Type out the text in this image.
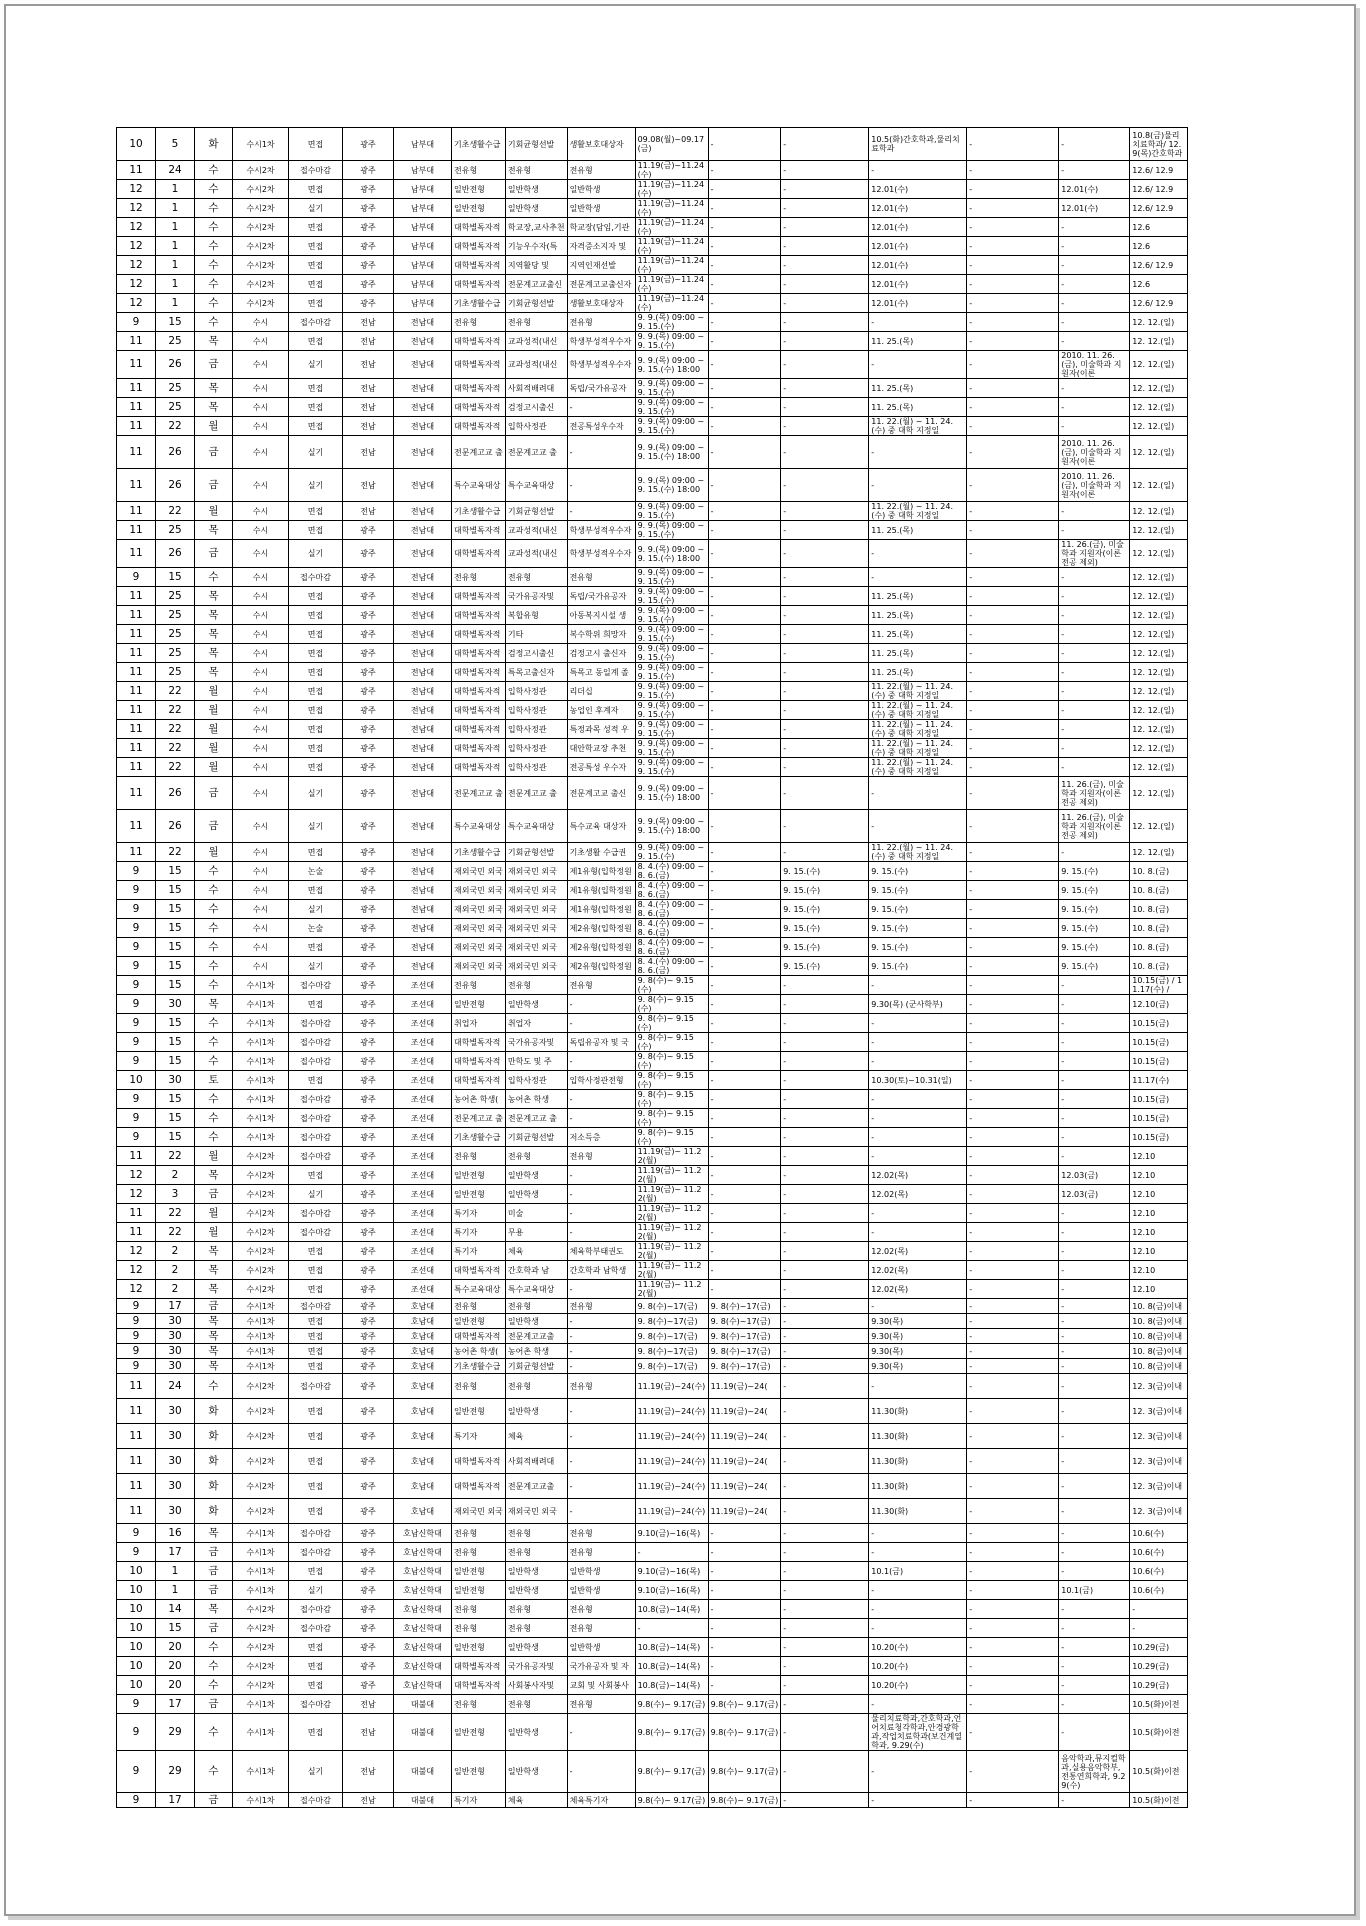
10	5	화	수시1차	면접	광주	남부대	기초생활수급	기회균형선발	생활보호대상자	09.08(월)~09.17(금)	-	-	10.5(화)간호학과,물리치료학과	-	-	10.8(금)물리치료학과/ 12.9(목)간호학과
11	24	수	수시2차	접수마감	광주	남부대	전유형	전유형	전유형	11.19(금)~11.24(수)	-	-	-	-	-	12.6/ 12.9
12	1	수	수시2차	면접	광주	남부대	일반전형	일반학생	일반학생	11.19(금)~11.24(수)	-	-	12.01(수)	-	12.01(수)	12.6/ 12.9
12	1	수	수시2차	실기	광주	남부대	일반전형	일반학생	일반학생	11.19(금)~11.24(수)	-	-	12.01(수)	-	12.01(수)	12.6/ 12.9
12	1	수	수시2차	면접	광주	남부대	대학별독자적	학교장,교사추천	학교장(담임,기관	11.19(금)~11.24(수)	-	-	12.01(수)	-	-	12.6
12	1	수	수시2차	면접	광주	남부대	대학별독자적	기능우수자(특	자격증소지자 및	11.19(금)~11.24(수)	-	-	12.01(수)	-	-	12.6
12	1	수	수시2차	면접	광주	남부대	대학별독자적	지역활당 및	지역인재선발	11.19(금)~11.24(수)	-	-	12.01(수)	-	-	12.6/ 12.9
12	1	수	수시2차	면접	광주	남부대	대학별독자적	전문계고교출신	전문계고교출신자	11.19(금)~11.24(수)	-	-	12.01(수)	-	-	12.6
12	1	수	수시2차	면접	광주	남부대	기초생활수급	기회균형선발	생활보호대상자	11.19(금)~11.24(수)	-	-	12.01(수)	-	-	12.6/ 12.9
9	15	수	수시	접수마감	전남	전남대	전유형	전유형	전유형	9. 9.(목) 09:00 ~ 9. 15.(수)	-	-	-	-	-	12. 12.(일)
11	25	목	수시	면접	전남	전남대	대학별독자적	교과성적(내신	학생부성적우수자	9. 9.(목) 09:00 ~ 9. 15.(수)	-	-	11. 25.(목)	-	-	12. 12.(일)
11	26	금	수시	실기	전남	전남대	대학별독자적	교과성적(내신	학생부성적우수자	9. 9.(목) 09:00 ~ 9. 15.(수) 18:00	-	-	-	-	2010. 11. 26.(금), 미술학과 지원자(이론	12. 12.(일)
11	25	목	수시	면접	전남	전남대	대학별독자적	사회적배려대	독립/국가유공자	9. 9.(목) 09:00 ~ 9. 15.(수)	-	-	11. 25.(목)	-	-	12. 12.(일)
11	25	목	수시	면접	전남	전남대	대학별독자적	검정고시출신	-	9. 9.(목) 09:00 ~ 9. 15.(수)	-	-	11. 25.(목)	-	-	12. 12.(일)
11	22	월	수시	면접	전남	전남대	대학별독자적	입학사정관	전공특성우수자	9. 9.(목) 09:00 ~ 9. 15.(수)	-	-	11. 22.(월) ~ 11. 24.(수) 중 대학 지정일	-	-	12. 12.(일)
11	26	금	수시	실기	전남	전남대	전문계고교 출	전문계고교 출	-	9. 9.(목) 09:00 ~ 9. 15.(수) 18:00	-	-	-	-	2010. 11. 26.(금), 미술학과 지원자(이론	12. 12.(일)
11	26	금	수시	실기	전남	전남대	특수교육대상	특수교육대상	-	9. 9.(목) 09:00 ~ 9. 15.(수) 18:00	-	-	-	-	2010. 11. 26.(금), 미술학과 지원자(이론	12. 12.(일)
11	22	월	수시	면접	전남	전남대	기초생활수급	기회균형선발	-	9. 9.(목) 09:00 ~ 9. 15.(수)	-	-	11. 22.(월) ~ 11. 24.(수) 중 대학 지정일	-	-	12. 12.(일)
11	25	목	수시	면접	광주	전남대	대학별독자적	교과성적(내신	학생부성적우수자	9. 9.(목) 09:00 ~ 9. 15.(수)	-	-	11. 25.(목)	-	-	12. 12.(일)
11	26	금	수시	실기	광주	전남대	대학별독자적	교과성적(내신	학생부성적우수자	9. 9.(목) 09:00 ~ 9. 15.(수) 18:00	-	-	-	-	11. 26.(금), 미술학과 지원자(이론전공 제외)	12. 12.(일)
9	15	수	수시	접수마감	광주	전남대	전유형	전유형	전유형	9. 9.(목) 09:00 ~ 9. 15.(수)	-	-	-	-	-	12. 12.(일)
11	25	목	수시	면접	광주	전남대	대학별독자적	국가유공자및	독립/국가유공자	9. 9.(목) 09:00 ~ 9. 15.(수)	-	-	11. 25.(목)	-	-	12. 12.(일)
11	25	목	수시	면접	광주	전남대	대학별독자적	복합유형	아동복지시설 생	9. 9.(목) 09:00 ~ 9. 15.(수)	-	-	11. 25.(목)	-	-	12. 12.(일)
11	25	목	수시	면접	광주	전남대	대학별독자적	기타	복수학위 희망자	9. 9.(목) 09:00 ~ 9. 15.(수)	-	-	11. 25.(목)	-	-	12. 12.(일)
11	25	목	수시	면접	광주	전남대	대학별독자적	검정고시출신	검정고시 출신자	9. 9.(목) 09:00 ~ 9. 15.(수)	-	-	11. 25.(목)	-	-	12. 12.(일)
11	25	목	수시	면접	광주	전남대	대학별독자적	특목고출신자	특목고 동일계 졸	9. 9.(목) 09:00 ~ 9. 15.(수)	-	-	11. 25.(목)	-	-	12. 12.(일)
11	22	월	수시	면접	광주	전남대	대학별독자적	입학사정관	리더십	9. 9.(목) 09:00 ~ 9. 15.(수)	-	-	11. 22.(월) ~ 11. 24.(수) 중 대학 지정일	-	-	12. 12.(일)
11	22	월	수시	면접	광주	전남대	대학별독자적	입학사정관	농업인 후계자	9. 9.(목) 09:00 ~ 9. 15.(수)	-	-	11. 22.(월) ~ 11. 24.(수) 중 대학 지정일	-	-	12. 12.(일)
11	22	월	수시	면접	광주	전남대	대학별독자적	입학사정관	특정과목 성적 우	9. 9.(목) 09:00 ~ 9. 15.(수)	-	-	11. 22.(월) ~ 11. 24.(수) 중 대학 지정일	-	-	12. 12.(일)
11	22	월	수시	면접	광주	전남대	대학별독자적	입학사정관	대안학교장 추천	9. 9.(목) 09:00 ~ 9. 15.(수)	-	-	11. 22.(월) ~ 11. 24.(수) 중 대학 지정일	-	-	12. 12.(일)
11	22	월	수시	면접	광주	전남대	대학별독자적	입학사정관	전공특성 우수자	9. 9.(목) 09:00 ~ 9. 15.(수)	-	-	11. 22.(월) ~ 11. 24.(수) 중 대학 지정일	-	-	12. 12.(일)
11	26	금	수시	실기	광주	전남대	전문계고교 출	전문계고교 출	전문계고교 출신	9. 9.(목) 09:00 ~ 9. 15.(수) 18:00	-	-	-	-	11. 26.(금), 미술학과 지원자(이론전공 제외)	12. 12.(일)
11	26	금	수시	실기	광주	전남대	특수교육대상	특수교육대상	특수교육 대상자	9. 9.(목) 09:00 ~ 9. 15.(수) 18:00	-	-	-	-	11. 26.(금), 미술학과 지원자(이론전공 제외)	12. 12.(일)
11	22	월	수시	면접	광주	전남대	기초생활수급	기회균형선발	기초생활 수급권	9. 9.(목) 09:00 ~ 9. 15.(수)	-	-	11. 22.(월) ~ 11. 24.(수) 중 대학 지정일	-	-	12. 12.(일)
9	15	수	수시	논술	광주	전남대	재외국민 외국	재외국민 외국	제1유형(입학정원	8. 4.(수) 09:00 ~ 8. 6.(금)	-	9. 15.(수)	9. 15.(수)	-	9. 15.(수)	10. 8.(금)
9	15	수	수시	면접	광주	전남대	재외국민 외국	재외국민 외국	제1유형(입학정원	8. 4.(수) 09:00 ~ 8. 6.(금)	-	9. 15.(수)	9. 15.(수)	-	9. 15.(수)	10. 8.(금)
9	15	수	수시	실기	광주	전남대	재외국민 외국	재외국민 외국	제1유형(입학정원	8. 4.(수) 09:00 ~ 8. 6.(금)	-	9. 15.(수)	9. 15.(수)	-	9. 15.(수)	10. 8.(금)
9	15	수	수시	논술	광주	전남대	재외국민 외국	재외국민 외국	제2유형(입학정원	8. 4.(수) 09:00 ~ 8. 6.(금)	-	9. 15.(수)	9. 15.(수)	-	9. 15.(수)	10. 8.(금)
9	15	수	수시	면접	광주	전남대	재외국민 외국	재외국민 외국	제2유형(입학정원	8. 4.(수) 09:00 ~ 8. 6.(금)	-	9. 15.(수)	9. 15.(수)	-	9. 15.(수)	10. 8.(금)
9	15	수	수시	실기	광주	전남대	재외국민 외국	재외국민 외국	제2유형(입학정원	8. 4.(수) 09:00 ~ 8. 6.(금)	-	9. 15.(수)	9. 15.(수)	-	9. 15.(수)	10. 8.(금)
9	15	수	수시1차	접수마감	광주	조선대	전유형	전유형	전유형	9. 8(수)~ 9.15(수)	-	-	-	-	-	10.15(금) / 11.17(수) /
9	30	목	수시1차	면접	광주	조선대	일반전형	일반학생	-	9. 8(수)~ 9.15(수)	-	-	9.30(목) (군사학부)	-	-	12.10(금)
9	15	수	수시1차	접수마감	광주	조선대	취업자	취업자	-	9. 8(수)~ 9.15(수)	-	-	-	-	-	10.15(금)
9	15	수	수시1차	접수마감	광주	조선대	대학별독자적	국가유공자및	독립유공자 및 국	9. 8(수)~ 9.15(수)	-	-	-	-	-	10.15(금)
9	15	수	수시1차	접수마감	광주	조선대	대학별독자적	만학도 및 주	-	9. 8(수)~ 9.15(수)	-	-	-	-	-	10.15(금)
10	30	토	수시1차	면접	광주	조선대	대학별독자적	입학사정관	입학사정관전형	9. 8(수)~ 9.15(수)	-	-	10.30(토)~10.31(일)	-	-	11.17(수)
9	15	수	수시1차	접수마감	광주	조선대	농어촌 학생(	농어촌 학생	-	9. 8(수)~ 9.15(수)	-	-	-	-	-	10.15(금)
9	15	수	수시1차	접수마감	광주	조선대	전문계고교 출	전문계고교 출	-	9. 8(수)~ 9.15(수)	-	-	-	-	-	10.15(금)
9	15	수	수시1차	접수마감	광주	조선대	기초생활수급	기회균형선발	저소득층	9. 8(수)~ 9.15(수)	-	-	-	-	-	10.15(금)
11	22	월	수시2차	접수마감	광주	조선대	전유형	전유형	전유형	11.19(금)~ 11.22(월)	-	-	-	-	-	12.10
12	2	목	수시2차	면접	광주	조선대	일반전형	일반학생	-	11.19(금)~ 11.22(월)	-	-	12.02(목)	-	12.03(금)	12.10
12	3	금	수시2차	실기	광주	조선대	일반전형	일반학생	-	11.19(금)~ 11.22(월)	-	-	12.02(목)	-	12.03(금)	12.10
11	22	월	수시2차	접수마감	광주	조선대	특기자	미술	-	11.19(금)~ 11.22(월)	-	-	-	-	-	12.10
11	22	월	수시2차	접수마감	광주	조선대	특기자	무용	-	11.19(금)~ 11.22(월)	-	-	-	-	-	12.10
12	2	목	수시2차	면접	광주	조선대	특기자	체육	체육학부태권도	11.19(금)~ 11.22(월)	-	-	12.02(목)	-	-	12.10
12	2	목	수시2차	면접	광주	조선대	대학별독자적	간호학과 남	간호학과 남학생	11.19(금)~ 11.22(월)	-	-	12.02(목)	-	-	12.10
12	2	목	수시2차	면접	광주	조선대	특수교육대상	특수교육대상	-	11.19(금)~ 11.22(월)	-	-	12.02(목)	-	-	12.10
9	17	금	수시1차	접수마감	광주	호남대	전유형	전유형	전유형	9. 8(수)~17(금)	9. 8(수)~17(금)	-	-	-	-	10. 8(금)이내
9	30	목	수시1차	면접	광주	호남대	일반전형	일반학생	-	9. 8(수)~17(금)	9. 8(수)~17(금)	-	9.30(목)	-	-	10. 8(금)이내
9	30	목	수시1차	면접	광주	호남대	대학별독자적	전문계고교출	-	9. 8(수)~17(금)	9. 8(수)~17(금)	-	9.30(목)	-	-	10. 8(금)이내
9	30	목	수시1차	면접	광주	호남대	농어촌 학생(	농어촌 학생	-	9. 8(수)~17(금)	9. 8(수)~17(금)	-	9.30(목)	-	-	10. 8(금)이내
9	30	목	수시1차	면접	광주	호남대	기초생활수급	기회균형선발	-	9. 8(수)~17(금)	9. 8(수)~17(금)	-	9.30(목)	-	-	10. 8(금)이내
11	24	수	수시2차	접수마감	광주	호남대	전유형	전유형	전유형	11.19(금)~24(수)	11.19(금)~24(	-	-	-	-	12. 3(금)이내
11	30	화	수시2차	면접	광주	호남대	일반전형	일반학생	-	11.19(금)~24(수)	11.19(금)~24(	-	11.30(화)	-	-	12. 3(금)이내
11	30	화	수시2차	면접	광주	호남대	특기자	체육	-	11.19(금)~24(수)	11.19(금)~24(	-	11.30(화)	-	-	12. 3(금)이내
11	30	화	수시2차	면접	광주	호남대	대학별독자적	사회적배려대	-	11.19(금)~24(수)	11.19(금)~24(	-	11.30(화)	-	-	12. 3(금)이내
11	30	화	수시2차	면접	광주	호남대	대학별독자적	전문계고교출	-	11.19(금)~24(수)	11.19(금)~24(	-	11.30(화)	-	-	12. 3(금)이내
11	30	화	수시2차	면접	광주	호남대	재외국민 외국	재외국민 외국	-	11.19(금)~24(수)	11.19(금)~24(	-	11.30(화)	-	-	12. 3(금)이내
9	16	목	수시1차	접수마감	광주	호남신학대	전유형	전유형	전유형	9.10(금)~16(목)	-	-	-	-	-	10.6(수)
9	17	금	수시1차	접수마감	광주	호남신학대	전유형	전유형	전유형	-	-	-	-	-	-	10.6(수)
10	1	금	수시1차	면접	광주	호남신학대	일반전형	일반학생	일반학생	9.10(금)~16(목)	-	-	10.1(금)	-	-	10.6(수)
10	1	금	수시1차	실기	광주	호남신학대	일반전형	일반학생	일반학생	9.10(금)~16(목)	-	-	-	-	10.1(금)	10.6(수)
10	14	목	수시2차	접수마감	광주	호남신학대	전유형	전유형	전유형	10.8(금)~14(목)	-	-	-	-	-	-
10	15	금	수시2차	접수마감	광주	호남신학대	전유형	전유형	전유형	-	-	-	-	-	-	-
10	20	수	수시2차	면접	광주	호남신학대	일반전형	일반학생	일반학생	10.8(금)~14(목)	-	-	10.20(수)	-	-	10.29(금)
10	20	수	수시2차	면접	광주	호남신학대	대학별독자적	국가유공자및	국가유공자 및 자	10.8(금)~14(목)	-	-	10.20(수)	-	-	10.29(금)
10	20	수	수시2차	면접	광주	호남신학대	대학별독자적	사회봉사자및	교회 및 사회봉사	10.8(금)~14(목)	-	-	10.20(수)	-	-	10.29(금)
9	17	금	수시1차	접수마감	전남	대불대	전유형	전유형	전유형	9.8(수)~ 9.17(금)	9.8(수)~ 9.17(금)	-	-	-	-	10.5(화)이전
9	29	수	수시1차	면접	전남	대불대	일반전형	일반학생	-	9.8(수)~ 9.17(금)	9.8(수)~ 9.17(금)	-	물리치료학과,간호학과,언어치료청각학과,안경광학과,작업치료학과(보건계열학과, 9.29(수)	-	-	10.5(화)이전
9	29	수	수시1차	실기	전남	대불대	일반전형	일반학생	-	9.8(수)~ 9.17(금)	9.8(수)~ 9.17(금)	-	-	-	음악학과,뮤지컬학과,실용음악학부,전통연희학과, 9.29(수)	10.5(화)이전
9	17	금	수시1차	접수마감	전남	대불대	특기자	체육	체육특기자	9.8(수)~ 9.17(금)	9.8(수)~ 9.17(금)	-	-	-	-	10.5(화)이전
